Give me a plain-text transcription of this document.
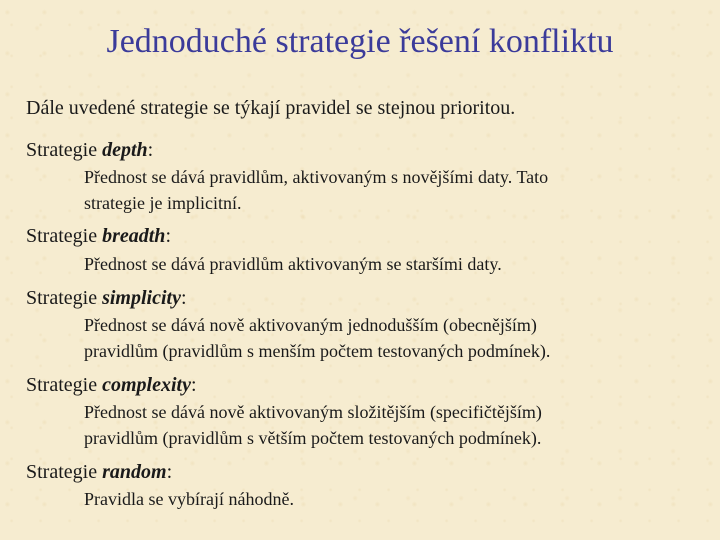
Jednoduché strategie řešení konfliktu
Dále uvedené strategie se týkají pravidel se stejnou prioritou.
Strategie depth:
Přednost se dává pravidlům, aktivovaným s novějšími daty. Tato
strategie je implicitní.
Strategie breadth:
Přednost se dává pravidlům aktivovaným se staršími daty.
Strategie simplicity:
Přednost se dává nově aktivovaným jednodušším (obecnějším)
pravidlům (pravidlům s menším počtem testovaných podmínek).
Strategie complexity:
Přednost se dává nově aktivovaným složitějším (specifičtějším)
pravidlům (pravidlům s větším počtem testovaných podmínek).
Strategie random:
Pravidla se vybírají náhodně.
